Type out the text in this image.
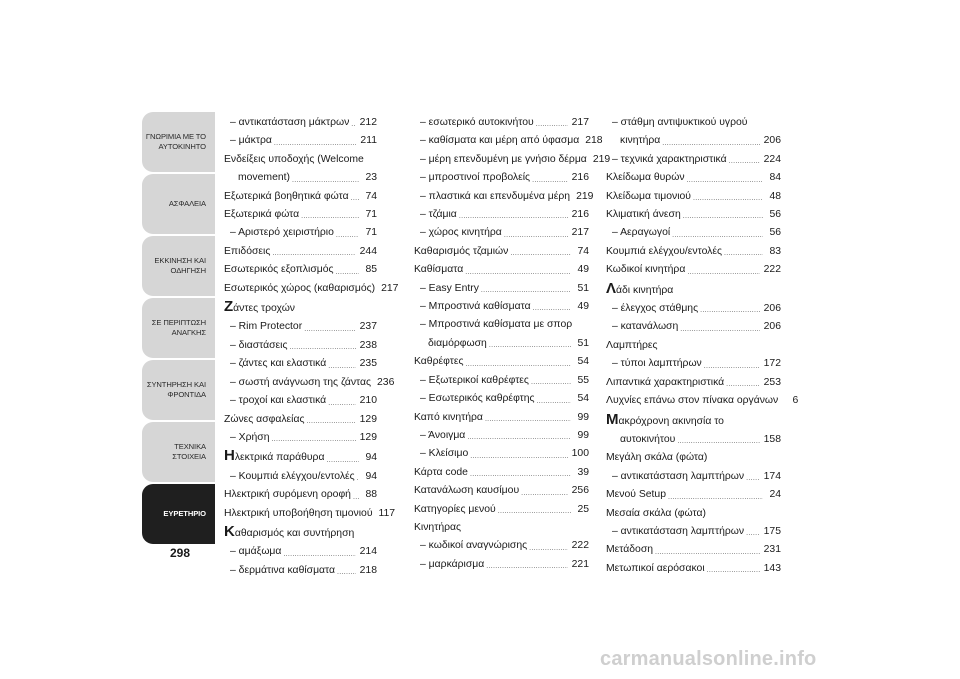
ΓΝΩΡΙΜΙΑ ΜΕ ΤΟ ΑΥΤΟΚΙΝΗΤΟ
ΑΣΦΑΛΕΙΑ
ΕΚΚΙΝΗΣΗ ΚΑΙ ΟΔΗΓΗΣΗ
ΣΕ ΠΕΡΙΠΤΩΣΗ ΑΝΑΓΚΗΣ
ΣΥΝΤΗΡΗΣΗ ΚΑΙ ΦΡΟΝΤΙΔΑ
ΤΕΧΝΙΚΑ ΣΤΟΙΧΕΙΑ
ΕΥΡΕΤΗΡΙΟ
298
– αντικατάσταση μάκτρων ..... 212
– μάκτρα .....	211
Ενδείξεις υποδοχής (Welcome
movement) .....	23
Εξωτερικά βοηθητικά φώτα ..... 74
Εξωτερικά φώτα .....	71
– Αριστερό χειριστήριο .....	71
Επιδόσεις .....	244
Εσωτερικός εξοπλισμός .....	85
Εσωτερικός χώρος (καθαρισμός) 217
Ζάντες τροχών
– Rim Protector .....	237
– διαστάσεις .....	238
– ζάντες και ελαστικά .....	235
– σωστή ανάγνωση της ζάντας 236
– τροχοί και ελαστικά .....	210
Ζώνες ασφαλείας .....	129
– Χρήση .....	129
Ηλεκτρικά παράθυρα .....	94
– Κουμπιά ελέγχου/εντολές ..... 94
Ηλεκτρική συρόμενη οροφή ..... 88
Ηλεκτρική υποβοήθηση τιμονιού 117
Καθαρισμός και συντήρηση
– αμάξωμα .....	214
– δερμάτινα καθίσματα ..... 218
– εσωτερικό αυτοκινήτου .....	217
– καθίσματα και μέρη από ύφασμα 218
– μέρη επενδυμένη με γνήσιο δέρμα 219
– μπροστινοί προβολείς .....	216
– πλαστικά και επενδυμένα μέρη 219
– τζάμια .....	216
– χώρος κινητήρα .....	217
Καθαρισμός τζαμιών .....	74
Καθίσματα .....	49
– Easy Entry .....	51
– Μπροστινά καθίσματα .....	49
– Μπροστινά καθίσματα με σπορ
διαμόρφωση .....	51
Καθρέφτες .....	54
– Εξωτερικοί καθρέφτες .....	55
– Εσωτερικός καθρέφτης .....	54
Καπό κινητήρα .....	99
– Άνοιγμα .....	99
– Κλείσιμο .....	100
Κάρτα code .....	39
Κατανάλωση καυσίμου .....	256
Κατηγορίες μενού .....	25
Κινητήρας
– κωδικοί αναγνώρισης .....	222
– μαρκάρισμα .....	221
– στάθμη αντιψυκτικού υγρού
κινητήρα .....	206
– τεχνικά χαρακτηριστικά .....	224
Κλείδωμα θυρών .....	84
Κλείδωμα τιμονιού .....	48
Κλιματική άνεση .....	56
– Αεραγωγοί .....	56
Κουμπιά ελέγχου/εντολές .....	83
Κωδικοί κινητήρα .....	222
Λάδι κινητήρα
– έλεγχος στάθμης .....	206
– κατανάλωση .....	206
Λαμπτήρες
– τύποι λαμπτήρων .....	172
Λιπαντικά χαρακτηριστικά .....	253
Λυχνίες επάνω στον πίνακα οργάνων	6
Μακρόχρονη ακινησία το
αυτοκινήτου .....	158
Μεγάλη σκάλα (φώτα)
– αντικατάσταση λαμπτήρων ..... 174
Μενού Setup .....	24
Μεσαία σκάλα (φώτα)
– αντικατάσταση λαμπτήρων ..... 175
Μετάδοση .....	231
Μετωπικοί αερόσακοι .....	143
carmanualsonline.info
